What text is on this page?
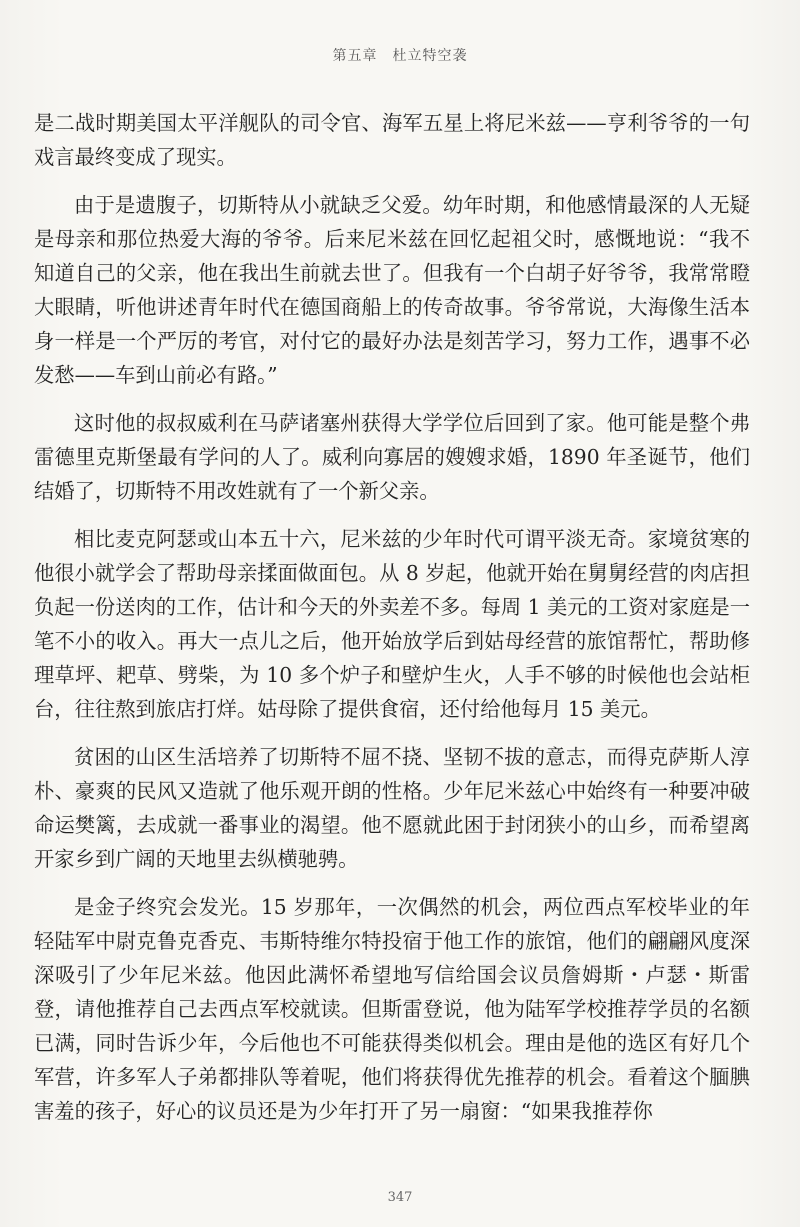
第五章　杜立特空袭

是二战时期美国太平洋舰队的司令官、海军五星上将尼米兹——亨利爷爷的一句戏言最终变成了现实。

由于是遗腹子，切斯特从小就缺乏父爱。幼年时期，和他感情最深的人无疑是母亲和那位热爱大海的爷爷。后来尼米兹在回忆起祖父时，感慨地说：“我不知道自己的父亲，他在我出生前就去世了。但我有一个白胡子好爷爷，我常常瞪大眼睛，听他讲述青年时代在德国商船上的传奇故事。爷爷常说，大海像生活本身一样是一个严厉的考官，对付它的最好办法是刻苦学习，努力工作，遇事不必发愁——车到山前必有路。”

这时他的叔叔威利在马萨诸塞州获得大学学位后回到了家。他可能是整个弗雷德里克斯堡最有学问的人了。威利向寡居的嫂嫂求婚，1890 年圣诞节，他们结婚了，切斯特不用改姓就有了一个新父亲。

相比麦克阿瑟或山本五十六，尼米兹的少年时代可谓平淡无奇。家境贫寒的他很小就学会了帮助母亲揉面做面包。从 8 岁起，他就开始在舅舅经营的肉店担负起一份送肉的工作，估计和今天的外卖差不多。每周 1 美元的工资对家庭是一笔不小的收入。再大一点儿之后，他开始放学后到姑母经营的旅馆帮忙，帮助修理草坪、耙草、劈柴，为 10 多个炉子和壁炉生火，人手不够的时候他也会站柜台，往往熬到旅店打烊。姑母除了提供食宿，还付给他每月 15 美元。

贫困的山区生活培养了切斯特不屈不挠、坚韧不拔的意志，而得克萨斯人淳朴、豪爽的民风又造就了他乐观开朗的性格。少年尼米兹心中始终有一种要冲破命运樊篱，去成就一番事业的渴望。他不愿就此困于封闭狭小的山乡，而希望离开家乡到广阔的天地里去纵横驰骋。

是金子终究会发光。15 岁那年，一次偶然的机会，两位西点军校毕业的年轻陆军中尉克鲁克香克、韦斯特维尔特投宿于他工作的旅馆，他们的翩翩风度深深吸引了少年尼米兹。他因此满怀希望地写信给国会议员詹姆斯・卢瑟・斯雷登，请他推荐自己去西点军校就读。但斯雷登说，他为陆军学校推荐学员的名额已满，同时告诉少年，今后他也不可能获得类似机会。理由是他的选区有好几个军营，许多军人子弟都排队等着呢，他们将获得优先推荐的机会。看着这个腼腆害羞的孩子，好心的议员还是为少年打开了另一扇窗：“如果我推荐你

347
